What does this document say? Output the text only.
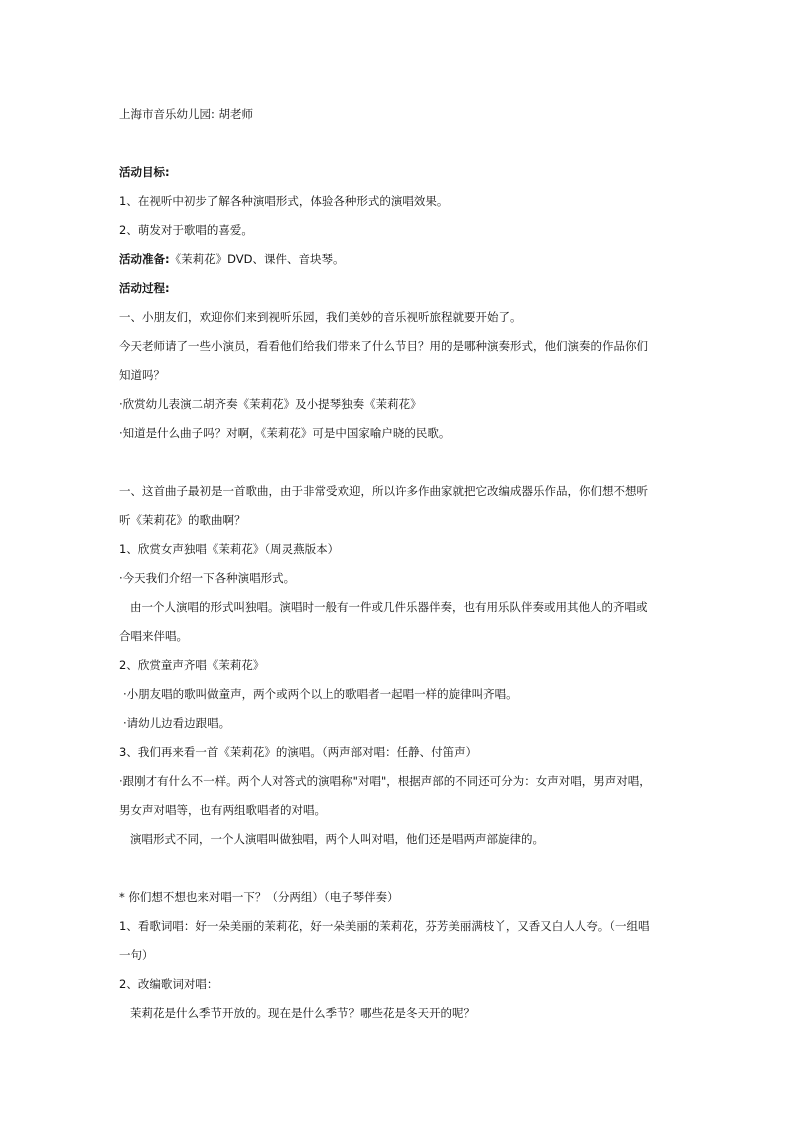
上海市音乐幼儿园: 胡老师
活动目标:
1、在视听中初步了解各种演唱形式，体验各种形式的演唱效果。
2、萌发对于歌唱的喜爱。
活动准备:《茉莉花》DVD、课件、音块琴。
活动过程:
一、小朋友们，欢迎你们来到视听乐园，我们美妙的音乐视听旅程就要开始了。
今天老师请了一些小演员，看看他们给我们带来了什么节目？用的是哪种演奏形式，他们演奏的作品你们
知道吗？
·欣赏幼儿表演二胡齐奏《茉莉花》及小提琴独奏《茉莉花》
·知道是什么曲子吗？对啊，《茉莉花》可是中国家喻户晓的民歌。
一、这首曲子最初是一首歌曲，由于非常受欢迎，所以许多作曲家就把它改编成器乐作品，你们想不想听
听《茉莉花》的歌曲啊？
1、欣赏女声独唱《茉莉花》（周灵燕版本）
·今天我们介绍一下各种演唱形式。
由一个人演唱的形式叫独唱。演唱时一般有一件或几件乐器伴奏，也有用乐队伴奏或用其他人的齐唱或
合唱来伴唱。
2、欣赏童声齐唱《茉莉花》
·小朋友唱的歌叫做童声，两个或两个以上的歌唱者一起唱一样的旋律叫齐唱。
·请幼儿边看边跟唱。
3、我们再来看一首《茉莉花》的演唱。（两声部对唱：任静、付笛声）
·跟刚才有什么不一样。两个人对答式的演唱称"对唱"，根据声部的不同还可分为：女声对唱，男声对唱，
男女声对唱等，也有两组歌唱者的对唱。
演唱形式不同，一个人演唱叫做独唱，两个人叫对唱，他们还是唱两声部旋律的。
* 你们想不想也来对唱一下？（分两组）（电子琴伴奏）
1、看歌词唱：好一朵美丽的茉莉花，好一朵美丽的茉莉花，芬芳美丽满枝丫，又香又白人人夸。（一组唱
一句）
2、改编歌词对唱：
茉莉花是什么季节开放的。现在是什么季节？哪些花是冬天开的呢？
